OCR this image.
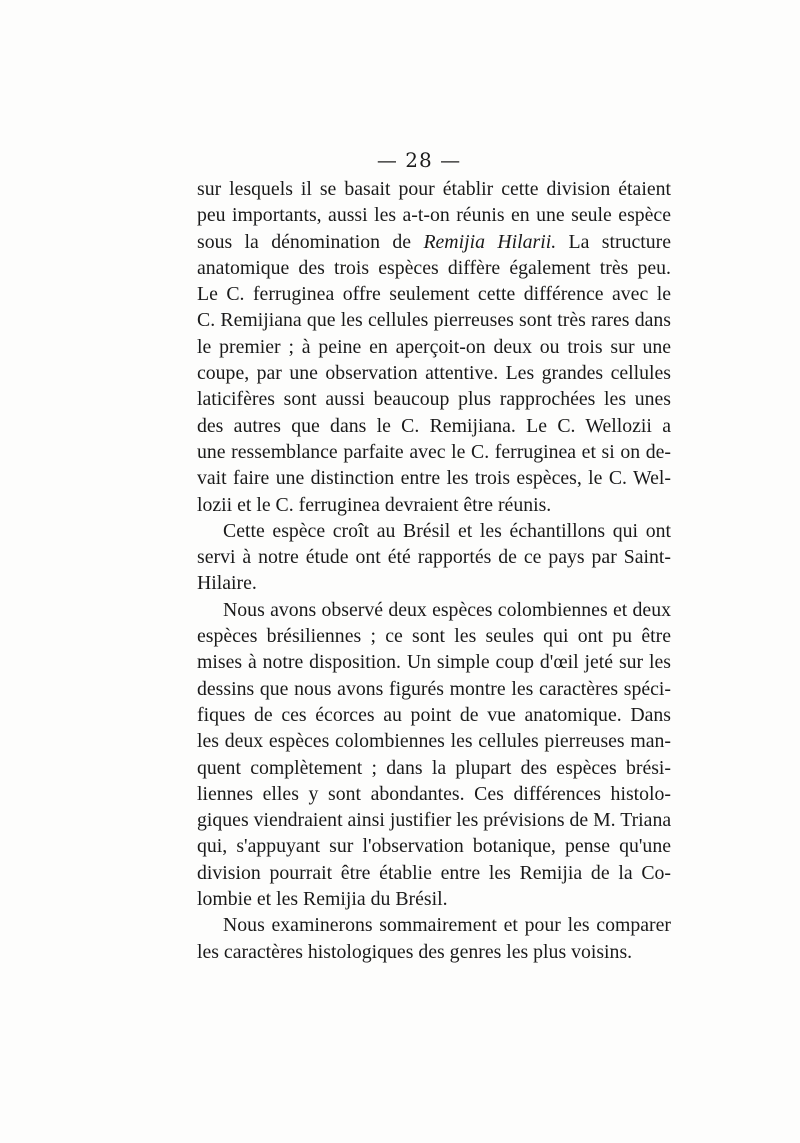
— 28 —
sur lesquels il se basait pour établir cette division étaient
peu importants, aussi les a-t-on réunis en une seule espèce
sous la dénomination de Remijia Hilarii. La structure
anatomique des trois espèces diffère également très peu.
Le C. ferruginea offre seulement cette différence avec le
C. Remijiana que les cellules pierreuses sont très rares dans
le premier ; à peine en aperçoit-on deux ou trois sur une
coupe, par une observation attentive. Les grandes cellules
laticifères sont aussi beaucoup plus rapprochées les unes
des autres que dans le C. Remijiana. Le C. Wellozii a
une ressemblance parfaite avec le C. ferruginea et si on de-
vait faire une distinction entre les trois espèces, le C. Wel-
lozii et le C. ferruginea devraient être réunis.
Cette espèce croît au Brésil et les échantillons qui ont
servi à notre étude ont été rapportés de ce pays par Saint-
Hilaire.
Nous avons observé deux espèces colombiennes et deux
espèces brésiliennes ; ce sont les seules qui ont pu être
mises à notre disposition. Un simple coup d'œil jeté sur les
dessins que nous avons figurés montre les caractères spéci-
fiques de ces écorces au point de vue anatomique. Dans
les deux espèces colombiennes les cellules pierreuses man-
quent complètement ; dans la plupart des espèces brési-
liennes elles y sont abondantes. Ces différences histolo-
giques viendraient ainsi justifier les prévisions de M. Triana
qui, s'appuyant sur l'observation botanique, pense qu'une
division pourrait être établie entre les Remijia de la Co-
lombie et les Remijia du Brésil.
Nous examinerons sommairement et pour les comparer
les caractères histologiques des genres les plus voisins.
